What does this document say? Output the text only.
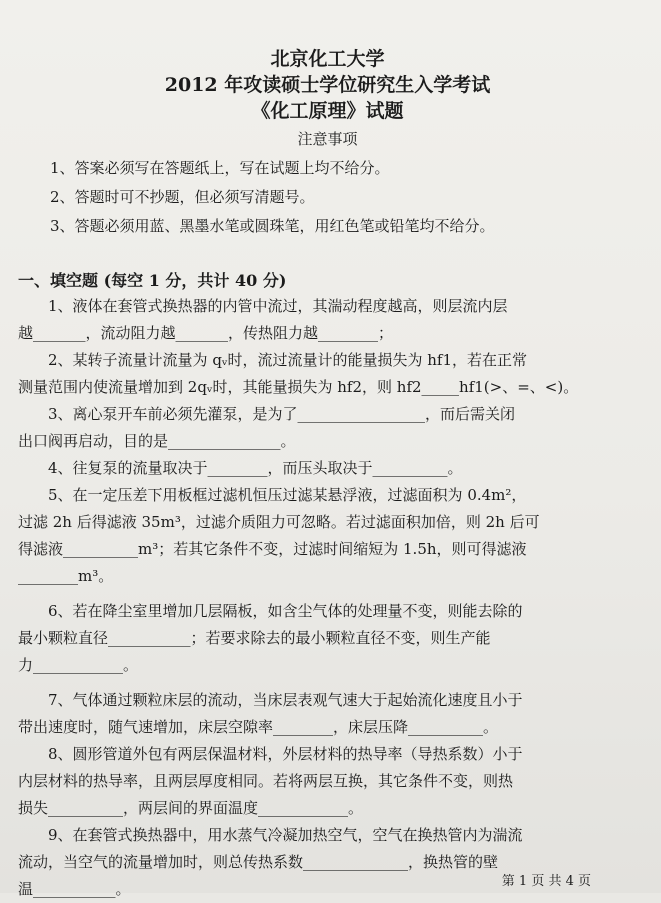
北京化工大学
2012 年攻读硕士学位研究生入学考试
《化工原理》试题
注意事项

1、答案必须写在答题纸上，写在试题上均不给分。

2、答题时可不抄题，但必须写清题号。

3、答题必须用蓝、黑墨水笔或圆珠笔，用红色笔或铅笔均不给分。

一、填空题 (每空 1 分，共计 40 分)

1、液体在套管式换热器的内管中流过，其湍动程度越高，则层流内层
越_______，流动阻力越_______，传热阻力越________；

2、某转子流量计流量为 qᵥ时，流过流量计的能量损失为 hf1，若在正常
测量范围内使流量增加到 2qᵥ时，其能量损失为 hf2，则 hf2_____hf1(>、=、<)。

3、离心泵开车前必须先灌泵，是为了_________________，而后需关闭
出口阀再启动，目的是_______________。

4、往复泵的流量取决于________，而压头取决于__________。

5、在一定压差下用板框过滤机恒压过滤某悬浮液，过滤面积为 0.4m²，
过滤 2h 后得滤液 35m³，过滤介质阻力可忽略。若过滤面积加倍，则 2h 后可
得滤液__________m³；若其它条件不变，过滤时间缩短为 1.5h，则可得滤液
________m³。

6、若在降尘室里增加几层隔板，如含尘气体的处理量不变，则能去除的
最小颗粒直径___________；若要求除去的最小颗粒直径不变，则生产能
力____________。

7、气体通过颗粒床层的流动，当床层表观气速大于起始流化速度且小于
带出速度时，随气速增加，床层空隙率________，床层压降__________。

8、圆形管道外包有两层保温材料，外层材料的热导率（导热系数）小于
内层材料的热导率，且两层厚度相同。若将两层互换，其它条件不变，则热
损失__________，两层间的界面温度____________。

9、在套管式换热器中，用水蒸气冷凝加热空气，空气在换热管内为湍流
流动，当空气的流量增加时，则总传热系数______________，换热管的壁
温___________。	第 1 页 共 4 页
